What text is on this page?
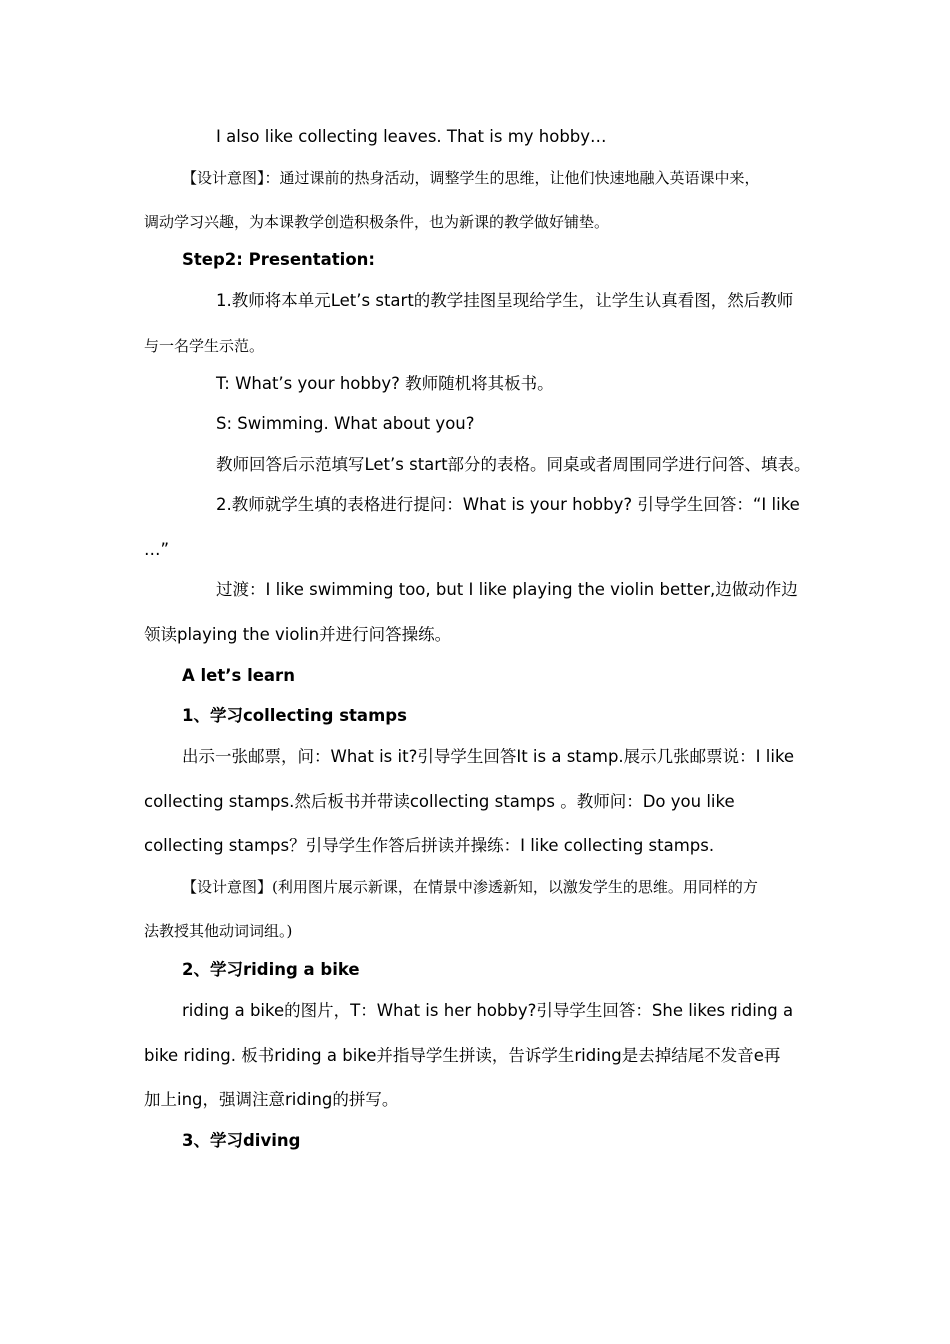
I also like collecting leaves. That is my hobby…
【设计意图】：通过课前的热身活动，调整学生的思维，让他们快速地融入英语课中来，
调动学习兴趣，为本课教学创造积极条件，也为新课的教学做好铺垫。
Step2: Presentation:
1.教师将本单元Let’s start的教学挂图呈现给学生，让学生认真看图，然后教师
与一名学生示范。
T: What’s your hobby? 教师随机将其板书。
S: Swimming. What about you?
教师回答后示范填写Let’s start部分的表格。同桌或者周围同学进行问答、填表。
2.教师就学生填的表格进行提问：What is your hobby? 引导学生回答：“I like
…”
过渡：I like swimming too, but I like playing the violin better,边做动作边
领读playing the violin并进行问答操练。
A let’s learn
1、学习collecting stamps
出示一张邮票，问：What is it?引导学生回答It is a stamp.展示几张邮票说：I like
collecting stamps.然后板书并带读collecting stamps 。教师问：Do you like
collecting stamps？引导学生作答后拼读并操练：I like collecting stamps.
【设计意图】(利用图片展示新课，在情景中渗透新知，以激发学生的思维。用同样的方
法教授其他动词词组。)
2、学习riding a bike
riding a bike的图片，T：What is her hobby?引导学生回答：She likes riding a
bike riding. 板书riding a bike并指导学生拼读，告诉学生riding是去掉结尾不发音e再
加上ing，强调注意riding的拼写。
3、学习diving
